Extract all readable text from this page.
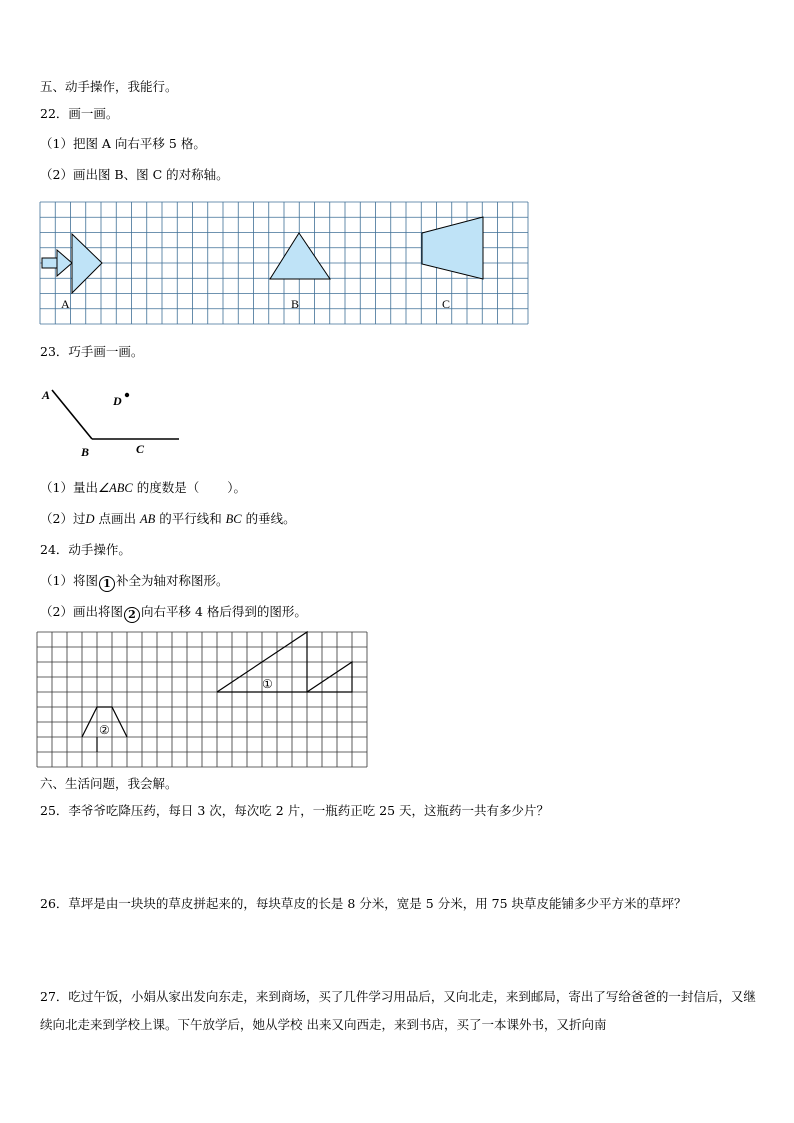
五、动手操作，我能行。
22．画一画。
（1）把图 A 向右平移 5 格。
（2）画出图 B、图 C 的对称轴。
A	B	C
23．巧手画一画。
A
B	C
D
（1）量出∠ABC 的度数是（ ）。
（2）过D 点画出 AB 的平行线和 BC 的垂线。
24．动手操作。
（1）将图 1 补全为轴对称图形。
（2）画出将图 2 向右平移 4 格后得到的图形。
①
②
六、生活问题，我会解。
25．李爷爷吃降压药，每日 3 次，每次吃 2 片，一瓶药正吃 25 天，这瓶药一共有多少片？
26．草坪是由一块块的草皮拼起来的，每块草皮的长是 8 分米，宽是 5 分米，用 75 块草皮能铺多少平方米的草坪？
27．吃过午饭，小娟从家出发向东走，来到商场，买了几件学习用品后，又向北走，来到邮局，寄出了写给爸爸的一封信后，又继续向北走来到学校上课。下午放学后，她从学校 出来又向西走，来到书店，买了一本课外书，又折向南
